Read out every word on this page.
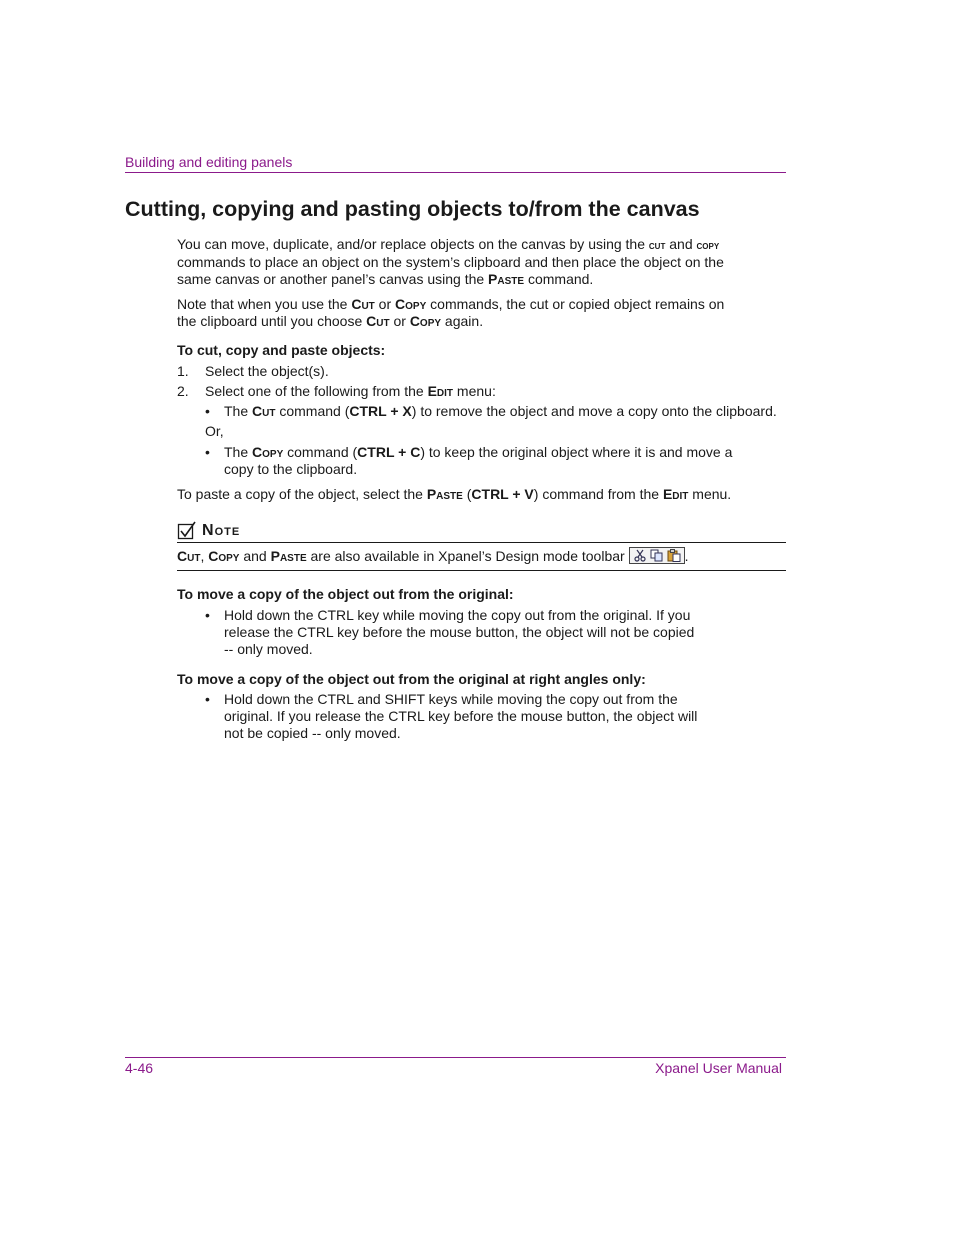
Building and editing panels
Cutting, copying and pasting objects to/from the canvas
You can move, duplicate, and/or replace objects on the canvas by using the cut and copy
commands to place an object on the system’s clipboard and then place the object on the
same canvas or another panel’s canvas using the Paste command.
Note that when you use the Cut or Copy commands, the cut or copied object remains on
the clipboard until you choose Cut or Copy again.
To cut, copy and paste objects:
1. Select the object(s).
2. Select one of the following from the Edit menu:
• The Cut command (CTRL + X) to remove the object and move a copy onto the clipboard.
Or,
• The Copy command (CTRL + C) to keep the original object where it is and move a
copy to the clipboard.
To paste a copy of the object, select the Paste (CTRL + V) command from the Edit menu.
Note
Cut, Copy and Paste are also available in Xpanel’s Design mode toolbar	.
To move a copy of the object out from the original:
• Hold down the CTRL key while moving the copy out from the original. If you
release the CTRL key before the mouse button, the object will not be copied
-- only moved.
To move a copy of the object out from the original at right angles only:
• Hold down the CTRL and SHIFT keys while moving the copy out from the
original. If you release the CTRL key before the mouse button, the object will
not be copied -- only moved.
4-46	Xpanel User Manual
